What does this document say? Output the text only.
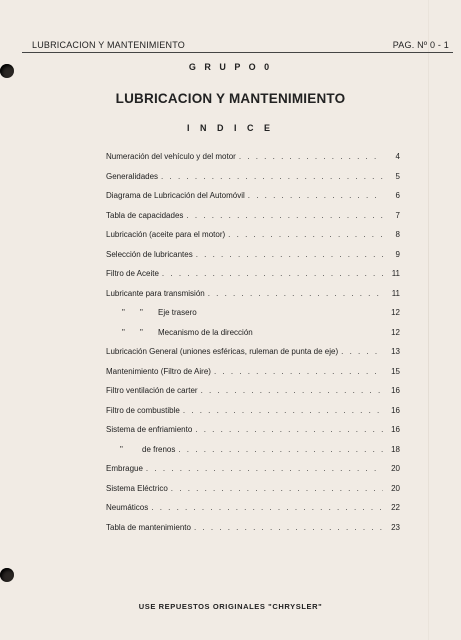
LUBRICACION Y MANTENIMIENTO	PAG. Nº 0 - 1
G R U P O 0
LUBRICACION Y MANTENIMIENTO
I N D I C E
Numeración del vehículo y del motor . . .	4
Generalidades . . .	5
Diagrama de Lubricación del Automóvil . . .	6
Tabla de capacidades . . .	7
Lubricación (aceite para el motor) . . .	8
Selección de lubricantes . . .	9
Filtro de Aceite . . .	11
Lubricante para transmisión . . .	11
" " Eje trasero	12
" " Mecanismo de la dirección	12
Lubricación General (uniones esféricas, ruleman de punta de eje) . . .	13
Mantenimiento (Filtro de Aire) . . .	15
Filtro ventilación de carter . . .	16
Filtro de combustible . . .	16
Sistema de enfriamiento . . .	16
" de frenos . . .	18
Embrague . . .	20
Sistema Eléctrico . . .	20
Neumáticos . . .	22
Tabla de mantenimiento . . .	23
USE REPUESTOS ORIGINALES "CHRYSLER"
